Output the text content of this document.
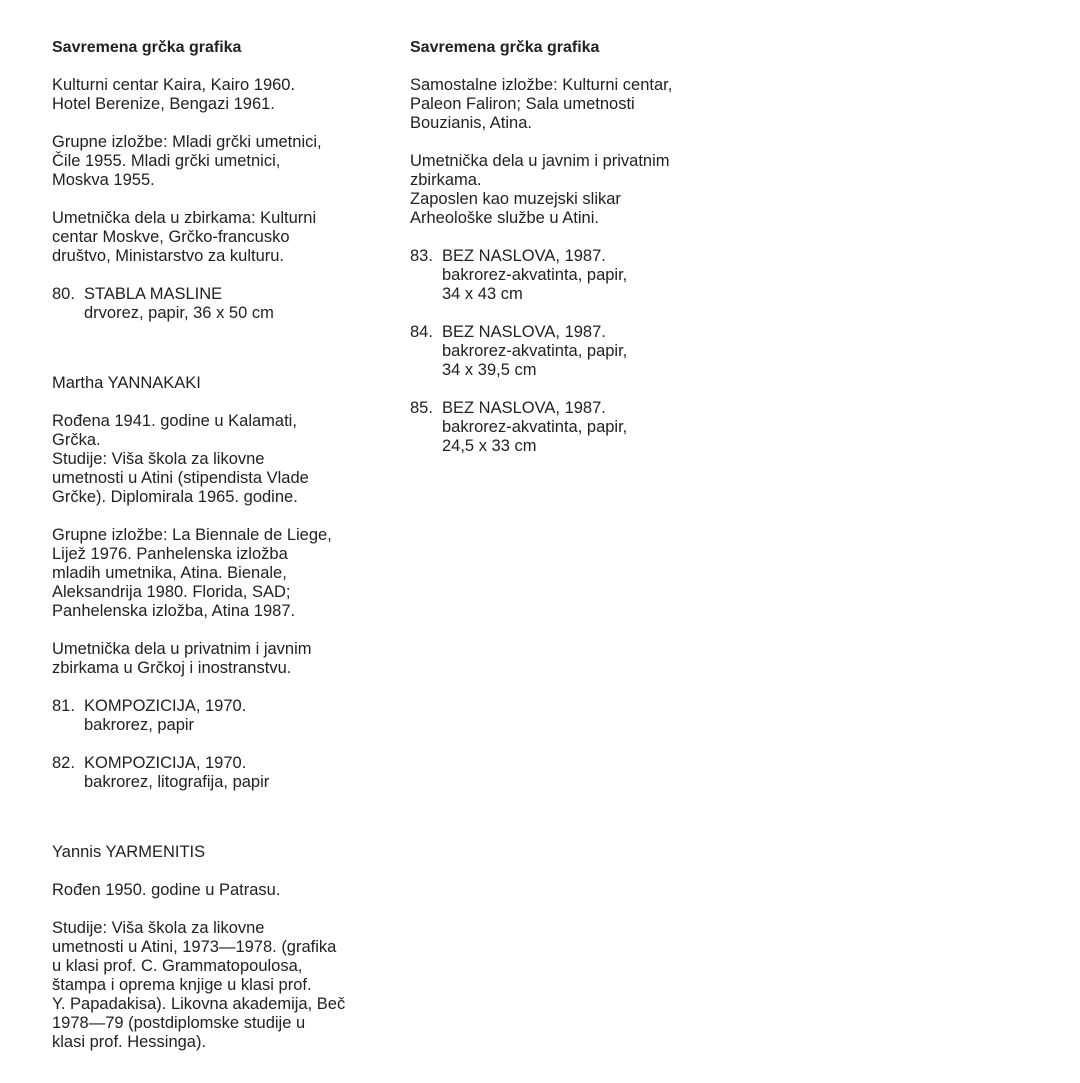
Savremena grčka grafika
Kulturni centar Kaira, Kairo 1960.
Hotel Berenize, Bengazi 1961.
Grupne izložbe: Mladi grčki umetnici,
Čile 1955. Mladi grčki umetnici,
Moskva 1955.
Umetnička dela u zbirkama: Kulturni
centar Moskve, Grčko-francusko
društvo, Ministarstvo za kulturu.
80. STABLA MASLINE
drvorez, papir, 36 x 50 cm
Martha YANNAKAKI
Rođena 1941. godine u Kalamati,
Grčka.
Studije: Viša škola za likovne
umetnosti u Atini (stipendista Vlade
Grčke). Diplomirala 1965. godine.
Grupne izložbe: La Biennale de Liege,
Liјež 1976. Panhelenska izložba
mladih umetnika, Atina. Bienale,
Aleksandrija 1980. Florida, SAD;
Panhelenska izložba, Atina 1987.
Umetnička dela u privatnim i javnim
zbirkama u Grčkoj i inostranstvu.
81. KOMPOZICIJA, 1970.
bakrorez, papir
82. KOMPOZICIJA, 1970.
bakrorez, litografija, papir
Yannis YARMENITIS
Rođen 1950. godine u Patrasu.
Studije: Viša škola za likovne
umetnosti u Atini, 1973—1978. (grafika
u klasi prof. C. Grammatopoulosa,
štampa i oprema knjige u klasi prof.
Y. Papadakisa). Likovna akademija, Beč
1978—79 (postdiplomske studije u
klasi prof. Hessinga).
Savremena grčka grafika
Samostalne izložbe: Kulturni centar,
Paleon Faliron; Sala umetnosti
Bouzianis, Atina.
Umetnička dela u javnim i privatnim
zbirkama.
Zaposlen kao muzejski slikar
Arheološke službe u Atini.
83. BEZ NASLOVA, 1987.
bakrorez-akvatinta, papir,
34 x 43 cm
84. BEZ NASLOVA, 1987.
bakrorez-akvatinta, papir,
34 x 39,5 cm
85. BEZ NASLOVA, 1987.
bakrorez-akvatinta, papir,
24,5 x 33 cm
